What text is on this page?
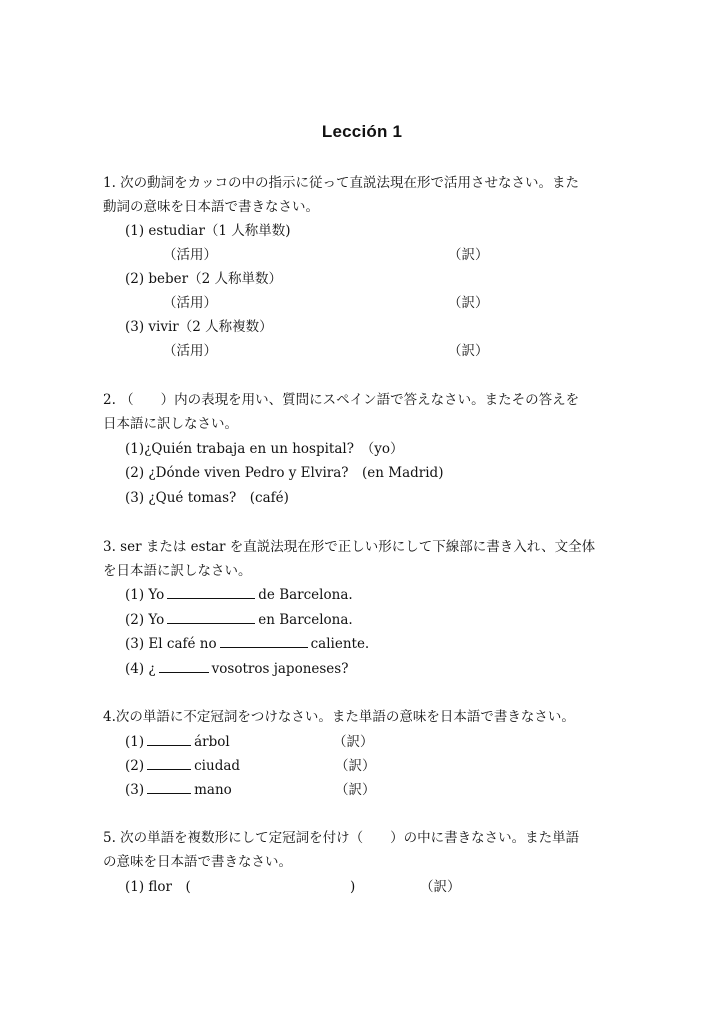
Lección 1
1. 次の動詞をカッコの中の指示に従って直説法現在形で活用させなさい。また
動詞の意味を日本語で書きなさい。
(1) estudiar（1 人称単数)
（活用）	（訳）
(2) beber（2 人称単数）
（活用）	（訳）
(3) vivir（2 人称複数）
（活用）	（訳）
2. （　　）内の表現を用い、質問にスペイン語で答えなさい。またその答えを
日本語に訳しなさい。
(1)¿Quién trabaja en un hospital?　（yo）
(2) ¿Dónde viven Pedro y Elvira?　(en Madrid)
(3) ¿Qué tomas?　(café)
3. ser または estar を直説法現在形で正しい形にして下線部に書き入れ、文全体
を日本語に訳しなさい。
(1) Yo	de Barcelona.
(2) Yo	en Barcelona.
(3) El café no	caliente.
(4) ¿	vosotros japoneses?
4.次の単語に不定冠詞をつけなさい。また単語の意味を日本語で書きなさい。
(1)	árbol	（訳）
(2)	ciudad	（訳）
(3)	mano	（訳）
5. 次の単語を複数形にして定冠詞を付け（　　）の中に書きなさい。また単語
の意味を日本語で書きなさい。
(1) flor　(	)	（訳）
